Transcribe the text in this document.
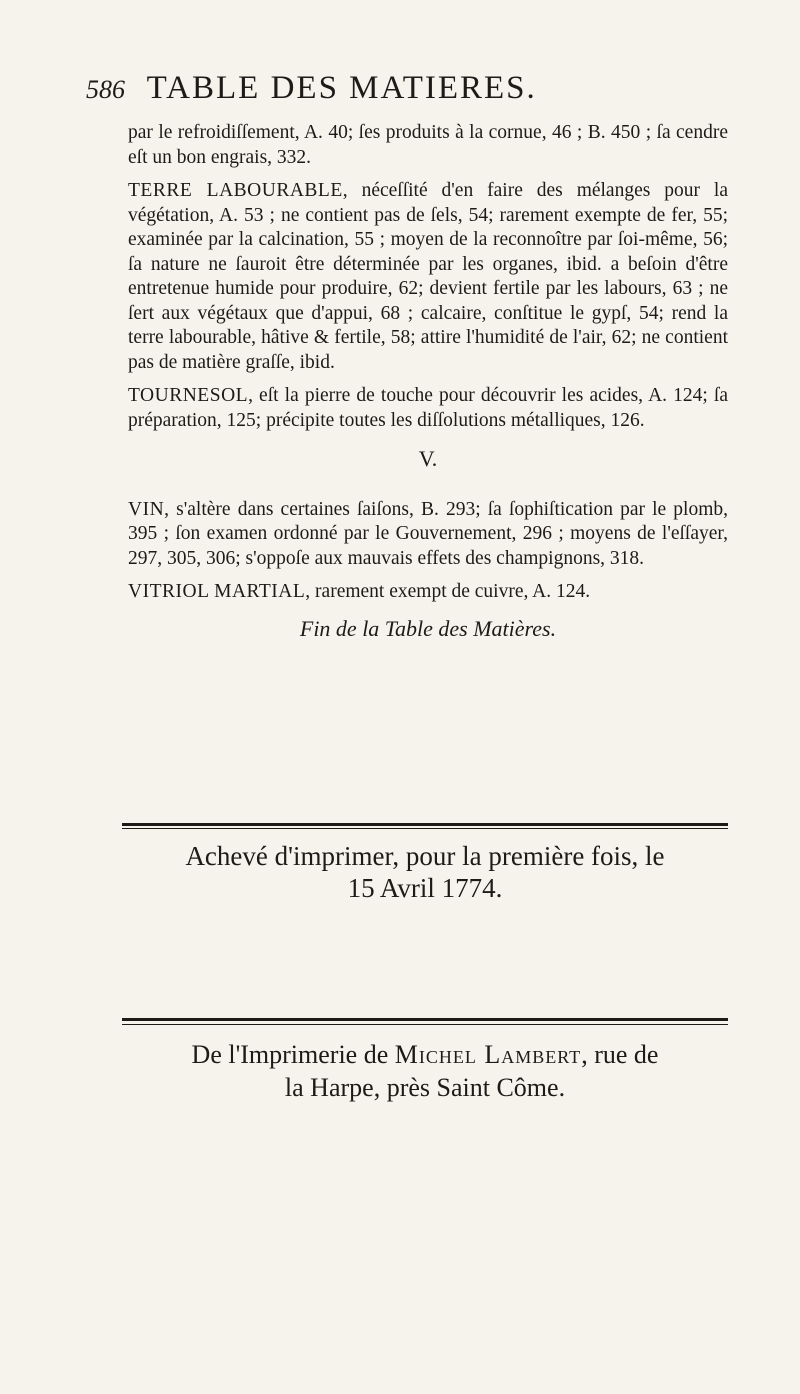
586 TABLE DES MATIERES.

par le refroidiſſement, A. 40; ſes produits à la cornue, 46 ; B. 450 ; ſa cendre eſt un bon engrais, 332.

TERRE LABOURABLE, néceſſité d'en faire des mélanges pour la végétation, A. 53 ; ne contient pas de ſels, 54; rarement exempte de fer, 55; examinée par la calcination, 55 ; moyen de la reconnoître par ſoi-même, 56; ſa nature ne ſauroit être déterminée par les organes, ibid. a beſoin d'être entretenue humide pour produire, 62; devient fertile par les labours, 63 ; ne ſert aux végétaux que d'appui, 68 ; calcaire, conſtitue le gypſ, 54; rend la terre labourable, hâtive & fertile, 58; attire l'humidité de l'air, 62; ne contient pas de matière graſſe, ibid.

TOURNESOL, eſt la pierre de touche pour découvrir les acides, A. 124; ſa préparation, 125; précipite toutes les diſſolutions métalliques, 126.

V.

VIN, s'altère dans certaines ſaiſons, B. 293; ſa ſophiſtication par le plomb, 395 ; ſon examen ordonné par le Gouvernement, 296 ; moyens de l'eſſayer, 297, 305, 306; s'oppoſe aux mauvais effets des champignons, 318.

VITRIOL MARTIAL, rarement exempt de cuivre, A. 124.

Fin de la Table des Matières.
Achevé d'imprimer, pour la première fois, le
15 Avril 1774.
De l'Imprimerie de Michel Lambert, rue de
la Harpe, près Saint Côme.
